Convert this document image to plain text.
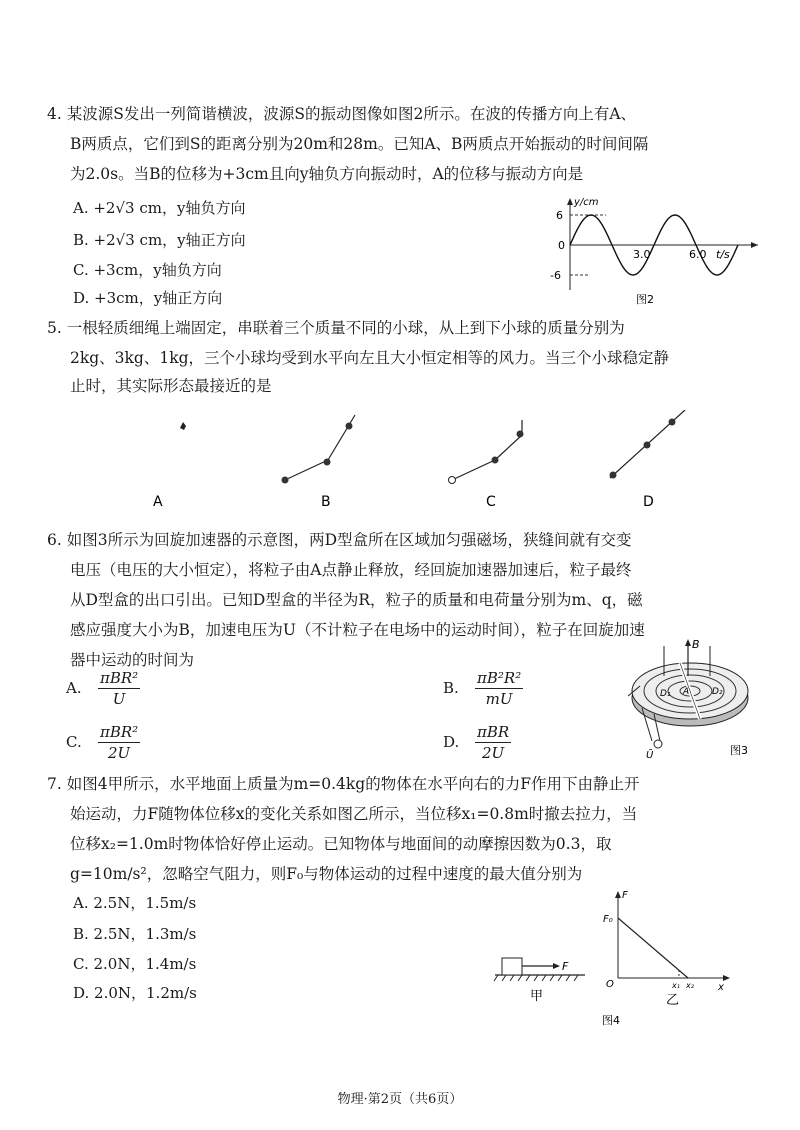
4. 某波源S发出一列简谐横波，波源S的振动图像如图2所示。在波的传播方向上有A、
B两质点，它们到S的距离分别为20m和28m。已知A、B两质点开始振动的时间间隔
为2.0s。当B的位移为+3cm且向y轴负方向振动时，A的位移与振动方向是
A. +2√3 cm，y轴负方向
B. +2√3 cm，y轴正方向
C. +3cm，y轴负方向
D. +3cm，y轴正方向
y/cm
6
0
-6
3.0	6.0 t/s
图2
5. 一根轻质细绳上端固定，串联着三个质量不同的小球，从上到下小球的质量分别为
2kg、3kg、1kg，三个小球均受到水平向左且大小恒定相等的风力。当三个小球稳定静
止时，其实际形态最接近的是
A	B	C	D
6. 如图3所示为回旋加速器的示意图，两D型盒所在区域加匀强磁场，狭缝间就有交变
电压（电压的大小恒定），将粒子由A点静止释放，经回旋加速器加速后，粒子最终
从D型盒的出口引出。已知D型盒的半径为R，粒子的质量和电荷量分别为m、q，磁
感应强度大小为B，加速电压为U（不计粒子在电场中的运动时间），粒子在回旋加速
器中运动的时间为
A. $\frac{\text{πBR²}}{U}$	B. $\frac{\text{πB²R²}}{mU}$
C. $\frac{\text{πBR²}}{2U}$	D. $\frac{\text{πBR}}{2U}$
B
A
D₁	D₂
Ũ	图3
7. 如图4甲所示，水平地面上质量为m=0.4kg的物体在水平向右的力F作用下由静止开
始运动，力F随物体位移x的变化关系如图乙所示，当位移x₁=0.8m时撤去拉力，当
位移x₂=1.0m时物体恰好停止运动。已知物体与地面间的动摩擦因数为0.3，取
g=10m/s²，忽略空气阻力，则F₀与物体运动的过程中速度的最大值分别为
A. 2.5N，1.5m/s
B. 2.5N，1.3m/s
C. 2.0N，1.4m/s
D. 2.0N，1.2m/s
F
甲
F
F₀
O	x₁ x₂ x
乙
图4
物理·第2页（共6页）
